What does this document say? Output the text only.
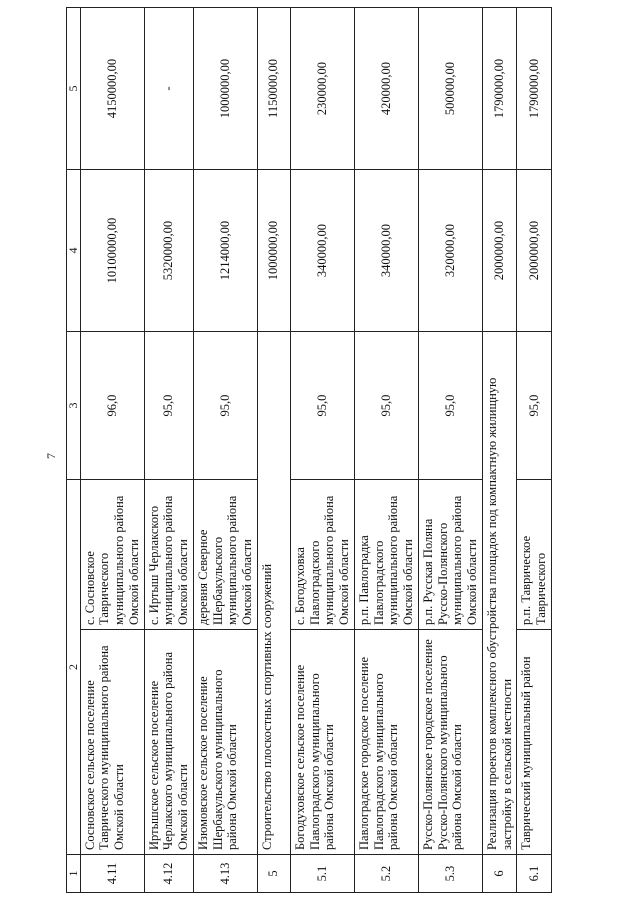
7
1	2		3	4	5
4.11	Сосновское сельское поселение Таврического муниципального района Омской области	с. Сосновское Таврического муниципального района Омской области	96,0	10100000,00	4150000,00
4.12	Иртышское сельское поселение Черлакского муниципального района Омской области	с. Иртыш Черлакского муниципального района Омской области	95,0	5320000,00	-
4.13	Изюмовское сельское поселение Шербакульского муниципального района Омской области	деревня Северное Шербакульского муниципального района Омской области	95,0	1214000,00	1000000,00
5	Строительство плоскостных спортивных сооружений			1000000,00	1150000,00
5.1	Богодуховское сельское поселение Павлоградского муниципального района Омской области	с. Богодуховка Павлоградского муниципального района Омской области	95,0	340000,00	230000,00
5.2	Павлоградское городское поселение Павлоградского муниципального района Омской области	р.п. Павлоградка Павлоградского муниципального района Омской области	95,0	340000,00	420000,00
5.3	Русско-Полянское городское поселение Русско-Полянского муниципального района Омской области	р.п. Русская Поляна Русско-Полянского муниципального района Омской области	95,0	320000,00	500000,00
6	Реализация проектов комплексного обустройства площадок под компактную жилищную застройку в сельской местности			2000000,00	1790000,00
6.1	Таврический муниципальный район	р.п. Таврическое Таврического	95,0	2000000,00	1790000,00
